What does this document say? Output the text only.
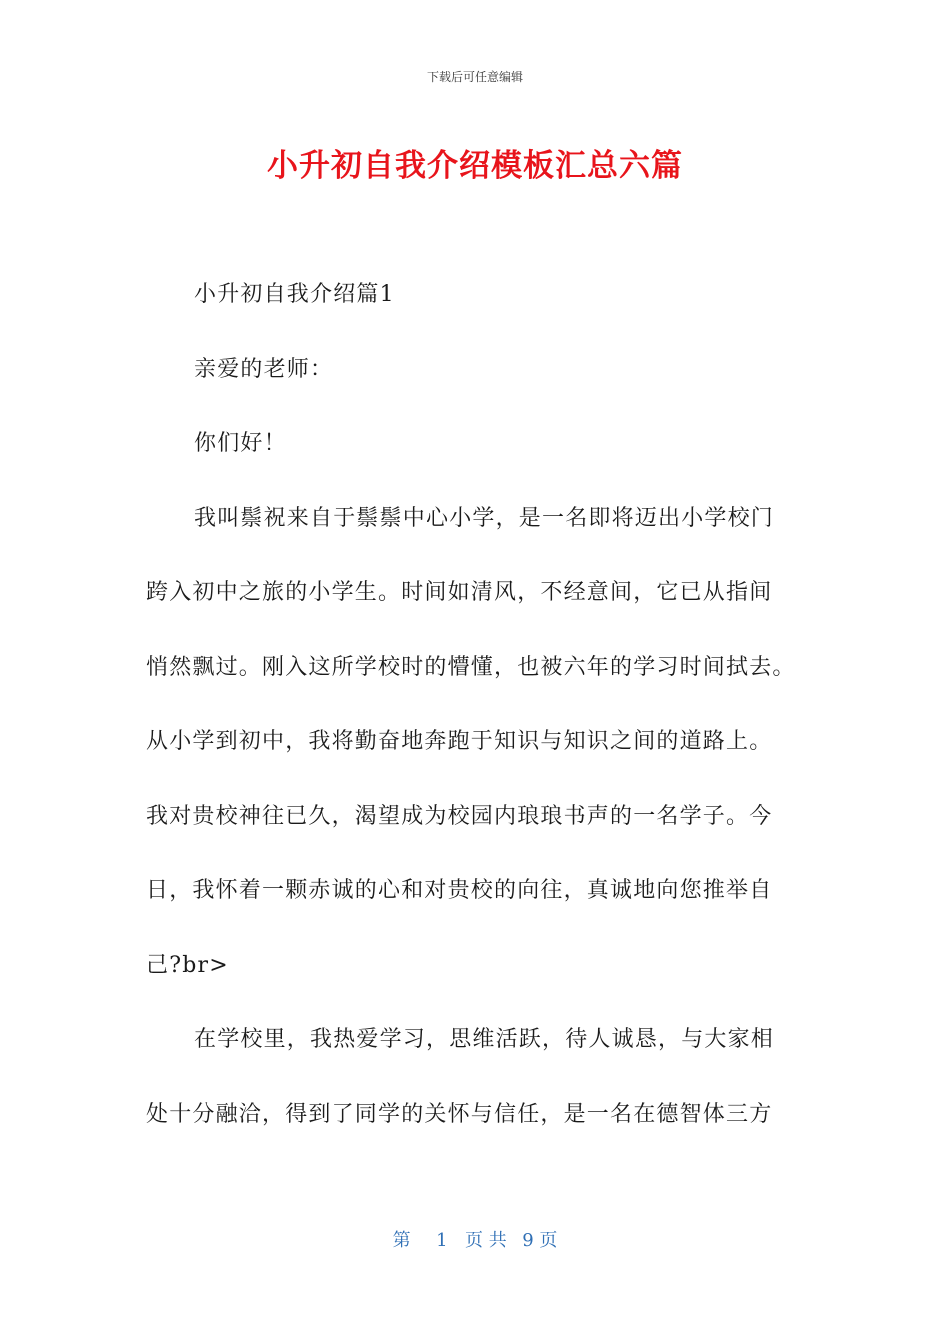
下载后可任意编辑
小升初自我介绍模板汇总六篇
小升初自我介绍篇1
亲爱的老师：
你们好！
我叫鬃祝来自于鬃鬃中心小学，是一名即将迈出小学校门
跨入初中之旅的小学生。时间如清风，不经意间，它已从指间
悄然飘过。刚入这所学校时的懵懂，也被六年的学习时间拭去。
从小学到初中，我将勤奋地奔跑于知识与知识之间的道路上。
我对贵校神往已久，渴望成为校园内琅琅书声的一名学子。今
日，我怀着一颗赤诚的心和对贵校的向往，真诚地向您推举自
己?br>
在学校里，我热爱学习，思维活跃，待人诚恳，与大家相
处十分融洽，得到了同学的关怀与信任，是一名在德智体三方
第 1 页 共 9 页
